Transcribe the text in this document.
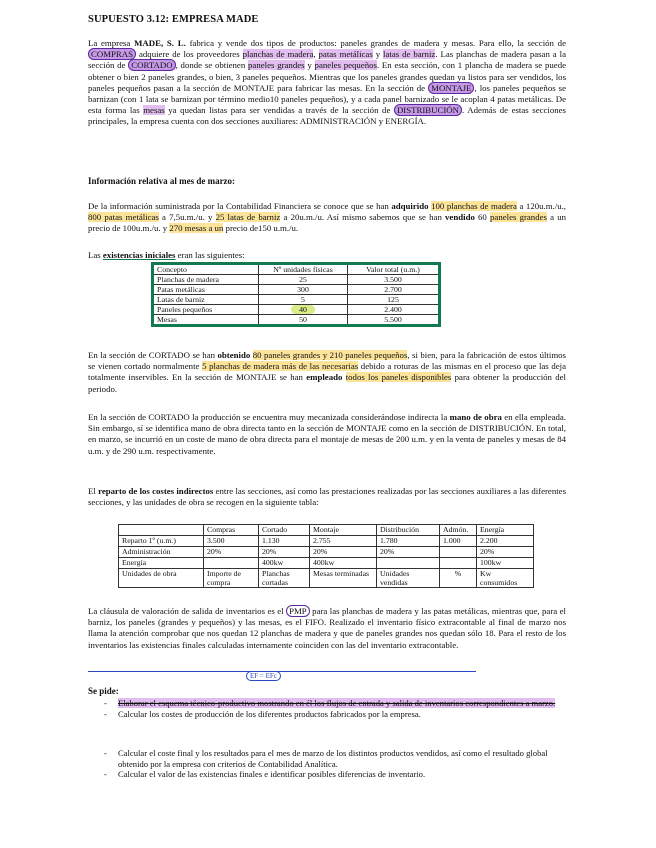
SUPUESTO 3.12: EMPRESA MADE
La empresa MADE, S. L. fabrica y vende dos tipos de productos: paneles grandes de madera y mesas. Para ello, la sección de COMPRAS adquiere de los proveedores planchas de madera, patas metálicas y latas de barniz. Las planchas de madera pasan a la sección de CORTADO , donde se obtienen paneles grandes y paneles pequeños. En esta sección, con 1 plancha de madera se puede obtener o bien 2 paneles grandes, o bien, 3 paneles pequeños. Mientras que los paneles grandes quedan ya listos para ser vendidos, los paneles pequeños pasan a la sección de MONTAJE para fabricar las mesas. En la sección de MONTAJE , los paneles pequeños se barnizan (con 1 lata se barnizan por término medio10 paneles pequeños), y a cada panel barnizado se le acoplan 4 patas metálicas. De esta forma las mesas ya quedan listas para ser vendidas a través de la sección de DISTRIBUCIÓN . Además de estas secciones principales, la empresa cuenta con dos secciones auxiliares: ADMINISTRACIÓN y ENERGÍA.
Información relativa al mes de marzo:
De la información suministrada por la Contabilidad Financiera se conoce que se han adquirido 100 planchas de madera a 120u.m./u., 800 patas metálicas a 7,5u.m./u. y 25 latas de barniz a 20u.m./u. Así mismo sabemos que se han vendido 60 paneles grandes a un precio de 100u.m./u. y 270 mesas a un precio de150 u.m./u.
Las existencias iniciales eran las siguientes:
Concepto	Nº unidades físicas	Valor total (u.m.)
Planchas de madera	25	3.500
Patas metálicas	300	2.700
Latas de barniz	5	125
Paneles pequeños	40	2.400
Mesas	50	5.500
En la sección de CORTADO se han obtenido 80 paneles grandes y 210 paneles pequeños, si bien, para la fabricación de estos últimos se vienen cortado normalmente 5 planchas de madera más de las necesarias debido a roturas de las mismas en el proceso que las deja totalmente inservibles. En la sección de MONTAJE se han empleado todos los paneles disponibles para obtener la producción del periodo.
En la sección de CORTADO la producción se encuentra muy mecanizada considerándose indirecta la mano de obra en ella empleada. Sin embargo, sí se identifica mano de obra directa tanto en la sección de MONTAJE como en la sección de DISTRIBUCIÓN. En total, en marzo, se incurrió en un coste de mano de obra directa para el montaje de mesas de 200 u.m. y en la venta de paneles y mesas de 84 u.m. y de 290 u.m. respectivamente.
El reparto de los costes indirectos entre las secciones, así como las prestaciones realizadas por las secciones auxiliares a las diferentes secciones, y las unidades de obra se recogen en la siguiente tabla:
	Compras	Cortado	Montaje	Distribución	Admón.	Energía
Reparto 1º (u.m.)	3.500	1.130	2.755	1.780	1.000	2.200
Administración	20%	20%	20%	20%		20%
Energía		400kw	400kw			100kw
Unidades de obra	Importe de compra	Planchas cortadas	Mesas terminadas	Unidades vendidas	%	Kw consumidos
La cláusula de valoración de salida de inventarios es el PMP para las planchas de madera y las patas metálicas, mientras que, para el barniz, los paneles (grandes y pequeños) y las mesas, es el FIFO. Realizado el inventario físico extracontable al final de marzo nos llama la atención comprobar que nos quedan 12 planchas de madera y que de paneles grandes nos quedan sólo 18. Para el resto de los inventarios las existencias finales calculadas internamente coinciden con las del inventario extracontable.
EF = EFc
Se pide:
- Elaborar el esquema técnico-productivo mostrando en él los flujos de entrada y salida de inventarios correspondientes a marzo.
- Calcular los costes de producción de los diferentes productos fabricados por la empresa.
- Calcular el coste final y los resultados para el mes de marzo de los distintos productos vendidos, así como el resultado global obtenido por la empresa con criterios de Contabilidad Analítica.
- Calcular el valor de las existencias finales e identificar posibles diferencias de inventario.
